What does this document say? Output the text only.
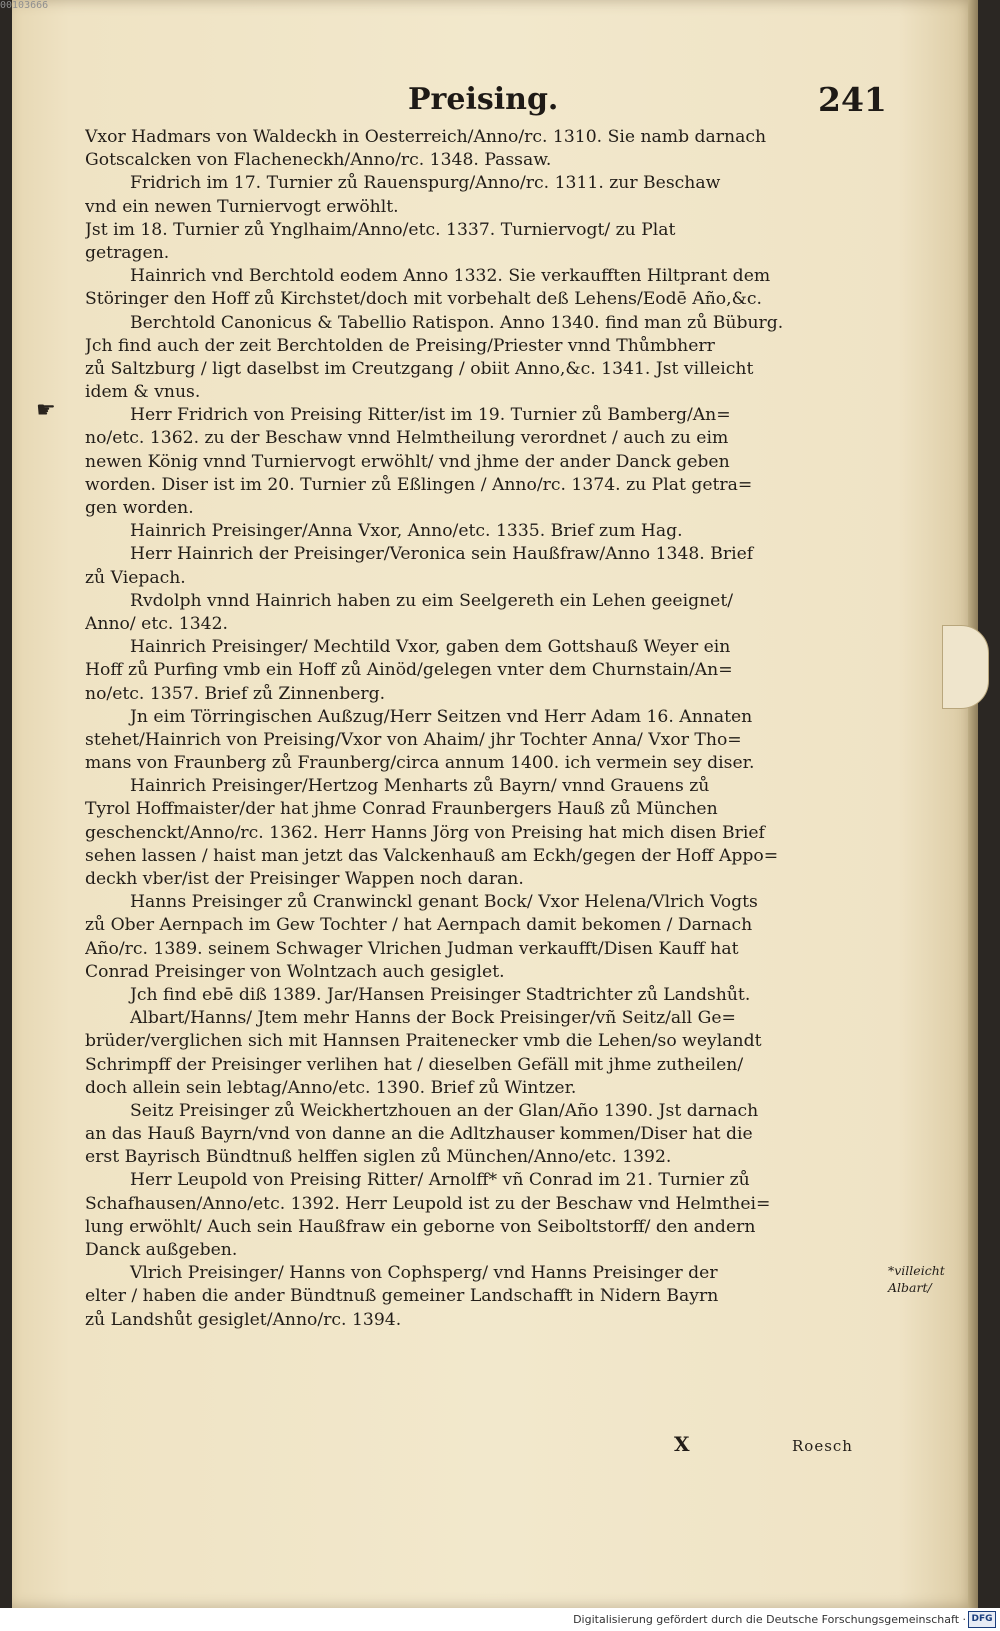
00103666
Preising.	241
☛
Vxor Hadmars von Waldeckh in Oesterreich/Anno/rc. 1310. Sie namb darnach
Gotscalcken von Flacheneckh/Anno/rc. 1348. Passaw.
Fridrich im 17. Turnier zů Rauenspurg/Anno/rc. 1311. zur Beschaw
vnd ein newen Turniervogt erwöhlt.
Jst im 18. Turnier zů Ynglhaim/Anno/etc. 1337. Turniervogt/ zu Plat
getragen.
Hainrich vnd Berchtold eodem Anno 1332. Sie verkaufften Hiltprant dem
Störinger den Hoff zů Kirchstet/doch mit vorbehalt deß Lehens/Eodē Año,&c.
Berchtold Canonicus & Tabellio Ratispon. Anno 1340. find man zů Büburg.
Jch find auch der zeit Berchtolden de Preising/Priester vnnd Thůmbherr
zů Saltzburg / ligt daselbst im Creutzgang / obiit Anno,&c. 1341. Jst villeicht
idem & vnus.
Herr Fridrich von Preising Ritter/ist im 19. Turnier zů Bamberg/An=
no/etc. 1362. zu der Beschaw vnnd Helmtheilung verordnet / auch zu eim
newen König vnnd Turniervogt erwöhlt/ vnd jhme der ander Danck geben
worden. Diser ist im 20. Turnier zů Eßlingen / Anno/rc. 1374. zu Plat getra=
gen worden.
Hainrich Preisinger/Anna Vxor, Anno/etc. 1335. Brief zum Hag.
Herr Hainrich der Preisinger/Veronica sein Haußfraw/Anno 1348. Brief
zů Viepach.
Rvdolph vnnd Hainrich haben zu eim Seelgereth ein Lehen geeignet/
Anno/ etc. 1342.
Hainrich Preisinger/ Mechtild Vxor, gaben dem Gottshauß Weyer ein
Hoff zů Purfing vmb ein Hoff zů Ainöd/gelegen vnter dem Churnstain/An=
no/etc. 1357. Brief zů Zinnenberg.
Jn eim Törringischen Außzug/Herr Seitzen vnd Herr Adam 16. Annaten
stehet/Hainrich von Preising/Vxor von Ahaim/ jhr Tochter Anna/ Vxor Tho=
mans von Fraunberg zů Fraunberg/circa annum 1400. ich vermein sey diser.
Hainrich Preisinger/Hertzog Menharts zů Bayrn/ vnnd Grauens zů
Tyrol Hoffmaister/der hat jhme Conrad Fraunbergers Hauß zů München
geschenckt/Anno/rc. 1362. Herr Hanns Jörg von Preising hat mich disen Brief
sehen lassen / haist man jetzt das Valckenhauß am Eckh/gegen der Hoff Appo=
deckh vber/ist der Preisinger Wappen noch daran.
Hanns Preisinger zů Cranwinckl genant Bock/ Vxor Helena/Vlrich Vogts
zů Ober Aernpach im Gew Tochter / hat Aernpach damit bekomen / Darnach
Año/rc. 1389. seinem Schwager Vlrichen Judman verkaufft/Disen Kauff hat
Conrad Preisinger von Wolntzach auch gesiglet.
Jch find ebē diß 1389. Jar/Hansen Preisinger Stadtrichter zů Landshůt.
Albart/Hanns/ Jtem mehr Hanns der Bock Preisinger/vñ Seitz/all Ge=
brüder/verglichen sich mit Hannsen Praitenecker vmb die Lehen/so weylandt
Schrimpff der Preisinger verlihen hat / dieselben Gefäll mit jhme zutheilen/
doch allein sein lebtag/Anno/etc. 1390. Brief zů Wintzer.
Seitz Preisinger zů Weickhertzhouen an der Glan/Año 1390. Jst darnach
an das Hauß Bayrn/vnd von danne an die Adltzhauser kommen/Diser hat die
erst Bayrisch Bündtnuß helffen siglen zů München/Anno/etc. 1392.
Herr Leupold von Preising Ritter/ Arnolff* vñ Conrad im 21. Turnier zů
Schafhausen/Anno/etc. 1392. Herr Leupold ist zu der Beschaw vnd Helmthei=
lung erwöhlt/ Auch sein Haußfraw ein geborne von Seiboltstorff/ den andern
Danck außgeben.
Vlrich Preisinger/ Hanns von Cophsperg/ vnd Hanns Preisinger der
elter / haben die ander Bündtnuß gemeiner Landschafft in Nidern Bayrn
zů Landshůt gesiglet/Anno/rc. 1394.
*villeicht
Albart/
X	Roesch
Digitalisierung gefördert durch die Deutsche Forschungsgemeinschaft · DFG
